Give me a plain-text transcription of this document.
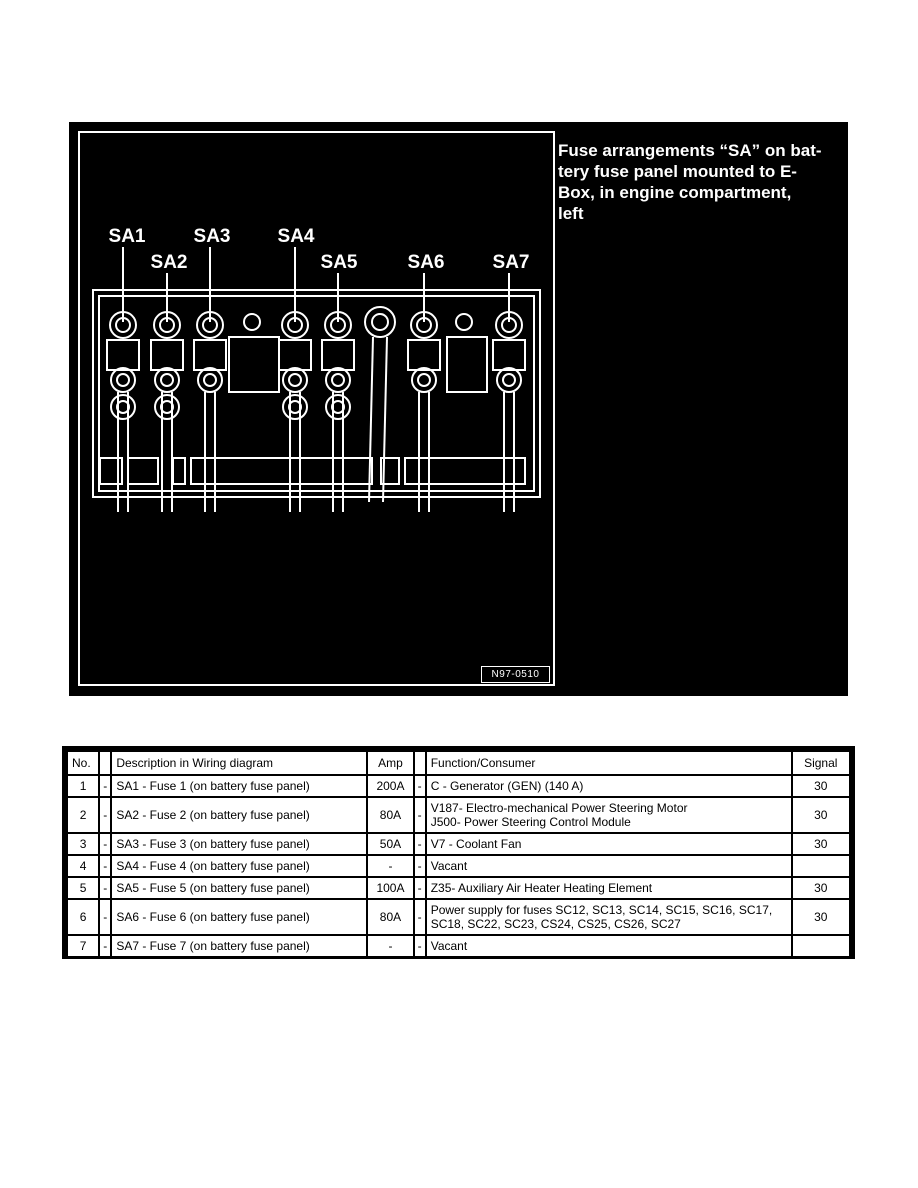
SA1
SA2
SA3 SA4
SA5	SA6	SA7
Fuse arrangements “SA” on bat-
tery fuse panel mounted to E-
Box, in engine compartment,
left
N97-0510
No.		Description in Wiring diagram	Amp		Function/Consumer	Signal
1	-	SA1 - Fuse 1 (on battery fuse panel)	200A	-	C - Generator (GEN) (140 A)	30
2	-	SA2 - Fuse 2 (on battery fuse panel)	80A	-	V187- Electro-mechanical Power Steering Motor
J500- Power Steering Control Module	30
3	-	SA3 - Fuse 3 (on battery fuse panel)	50A	-	V7 - Coolant Fan	30
4	-	SA4 - Fuse 4 (on battery fuse panel)	-	-	Vacant	
5	-	SA5 - Fuse 5 (on battery fuse panel)	100A	-	Z35- Auxiliary Air Heater Heating Element	30
6	-	SA6 - Fuse 6 (on battery fuse panel)	80A	-	Power supply for fuses SC12, SC13, SC14, SC15, SC16, SC17,
SC18, SC22, SC23, CS24, CS25, CS26, SC27	30
7	-	SA7 - Fuse 7 (on battery fuse panel)	-	-	Vacant	
